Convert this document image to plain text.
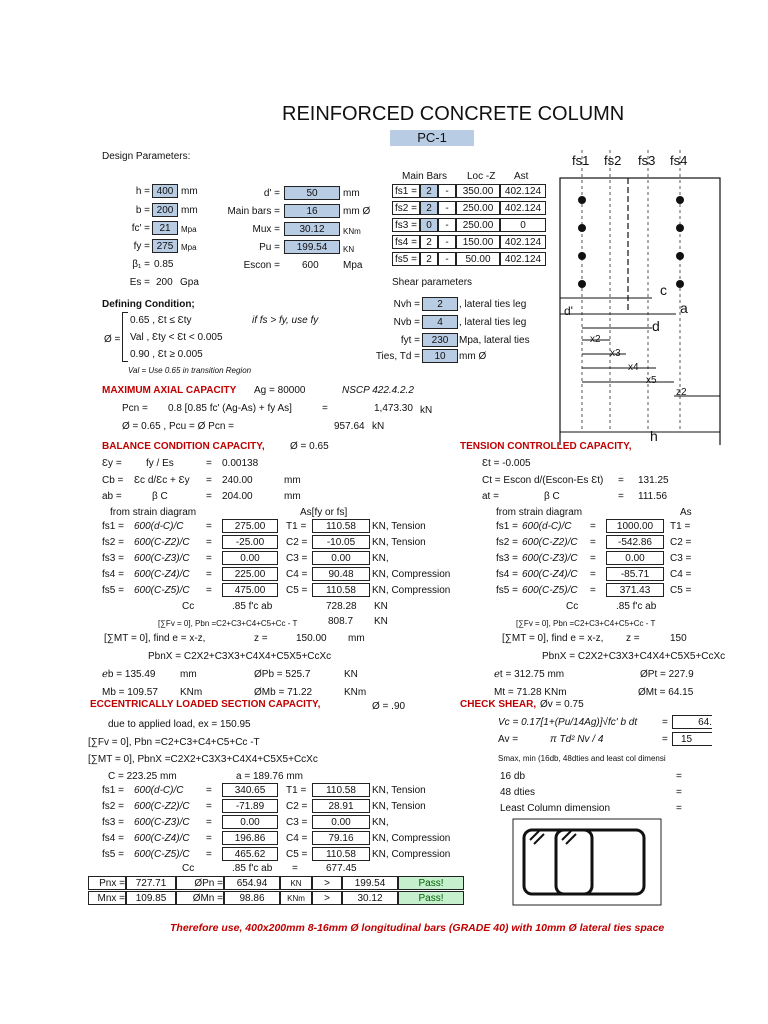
REINFORCED CONCRETE COLUMN
PC-1
Design Parameters:
h = 400 mm
b = 200 mm
fc' = 21	Mpa
fy = 275 Mpa
β₁ = 0.85
Es = 200 Gpa
d' =	50	mm
Main bars =	16	mm Ø
Mux =	30.12	KNm
Pu =	199.54	KN
Escon = 600 Mpa
Main Bars Loc -Z Ast
fs1 = 2	-	350.00	402.124
fs2 = 2	-	250.00	402.124
fs3 = 0	-	250.00	0
fs4 = 2	-	150.00	402.124
fs5 = 2	-	50.00	402.124
Shear parameters
Nvh =	2	, lateral ties leg
Nvb =	4	, lateral ties leg
fyt =	230	Mpa, lateral ties
Ties, Td =	10	mm Ø
Defining Condition;
Ø =
0.65 , Ɛt ≤ Ɛty
Val , Ɛty < Ɛt < 0.005
0.90 , Ɛt ≥ 0.005
if fs > fy, use fy
Val = Use 0.65 in transition Region
MAXIMUM AXIAL CAPACITY Ag = 80000	NSCP 422.4.2.2
Pcn = 0.8 [0.85 fc' (Ag-As) + fy As]	=	1,473.30 kN
Ø = 0.65 , Pcu = Ø Pcn =	957.64 kN
BALANCE CONDITION CAPACITY,	Ø = 0.65
Ɛy = fy / Es	= 0.00138
Cb = Ɛc d/Ɛc + Ɛy = 240.00	mm
ab =	β C	= 204.00	mm
from strain diagram	As[fy or fs]
fs1 = 600(d-C)/C =	275.00	T1 =	110.58	KN, Tension
fs2 = 600(C-Z2)/C =	-25.00	C2 =	-10.05	KN, Tension
fs3 = 600(C-Z3)/C =	0.00	C3 =	0.00	KN,
fs4 = 600(C-Z4)/C =	225.00	C4 =	90.48	KN, Compression
fs5 = 600(C-Z5)/C =	475.00	C5 =	110.58	KN, Compression
Cc	.85 f'c ab	728.28 KN
[∑Fv = 0], Pbn =C2+C3+C4+C5+Cc - T	808.7 KN
[∑MT = 0], find e = x-z,	z =	150.00 mm
PbnX = C2X2+C3X3+C4X4+C5X5+CcXc
ℯb = 135.49 mm	ØPb = 525.7	KN
Mb = 109.57 KNm	ØMb = 71.22	KNm
TENSION CONTROLLED CAPACITY,
Ɛt = -0.005
Ct = Escon d/(Escon-Es Ɛt) = 131.25
at =	β C	= 111.56
from strain diagram	As
fs1 = 600(d-C)/C =	1000.00	T1 =
fs2 = 600(C-Z2)/C =	-542.86	C2 =
fs3 = 600(C-Z3)/C =	0.00	C3 =
fs4 = 600(C-Z4)/C =	-85.71	C4 =
fs5 = 600(C-Z5)/C =	371.43	C5 =
Cc	.85 f'c ab
[∑Fv = 0], Pbn =C2+C3+C4+C5+Cc - T
[∑MT = 0], find e = x-z, z =	150
PbnX = C2X2+C3X3+C4X4+C5X5+CcXc
ℯt = 312.75 mm	ØPt = 227.9
Mt = 71.28 KNm	ØMt = 64.15
ECCENTRICALLY LOADED SECTION CAPACITY,	Ø = .90
due to applied load, ex = 150.95
[∑Fv = 0], Pbn =C2+C3+C4+C5+Cc -T
[∑MT = 0], PbnX =C2X2+C3X3+C4X4+C5X5+CcXc
C = 223.25 mm	a = 189.76 mm
fs1 = 600(d-C)/C =	340.65	T1 =	110.58	KN, Tension
fs2 = 600(C-Z2)/C =	-71.89	C2 =	28.91	KN, Tension
fs3 = 600(C-Z3)/C =	0.00	C3 =	0.00	KN,
fs4 = 600(C-Z4)/C =	196.86	C4 =	79.16	KN, Compression
fs5 = 600(C-Z5)/C =	465.62	C5 =	110.58	KN, Compression
Cc	.85 f'c ab =	677.45
Pnx =	727.71	ØPn =	654.94	KN	>	199.54	Pass!
Mnx =	109.85	ØMn =	98.86	KNm	>	30.12	Pass!
CHECK SHEAR, Øv = 0.75
Vc = 0.17[1+(Pu/14Ag)]√fc' b dt =	64.
Av =	π Td² Nv / 4	=	15
Smax, min (16db, 48dties and least col dimensi
16 db	=
48 dties	=
Least Column dimension	=
fs1 fs2 fs3 fs4
c
a
d
d'
x2
x3
x4
x5
z2
h
Therefore use, 400x200mm 8-16mm Ø longitudinal bars (GRADE 40) with 10mm Ø lateral ties space
